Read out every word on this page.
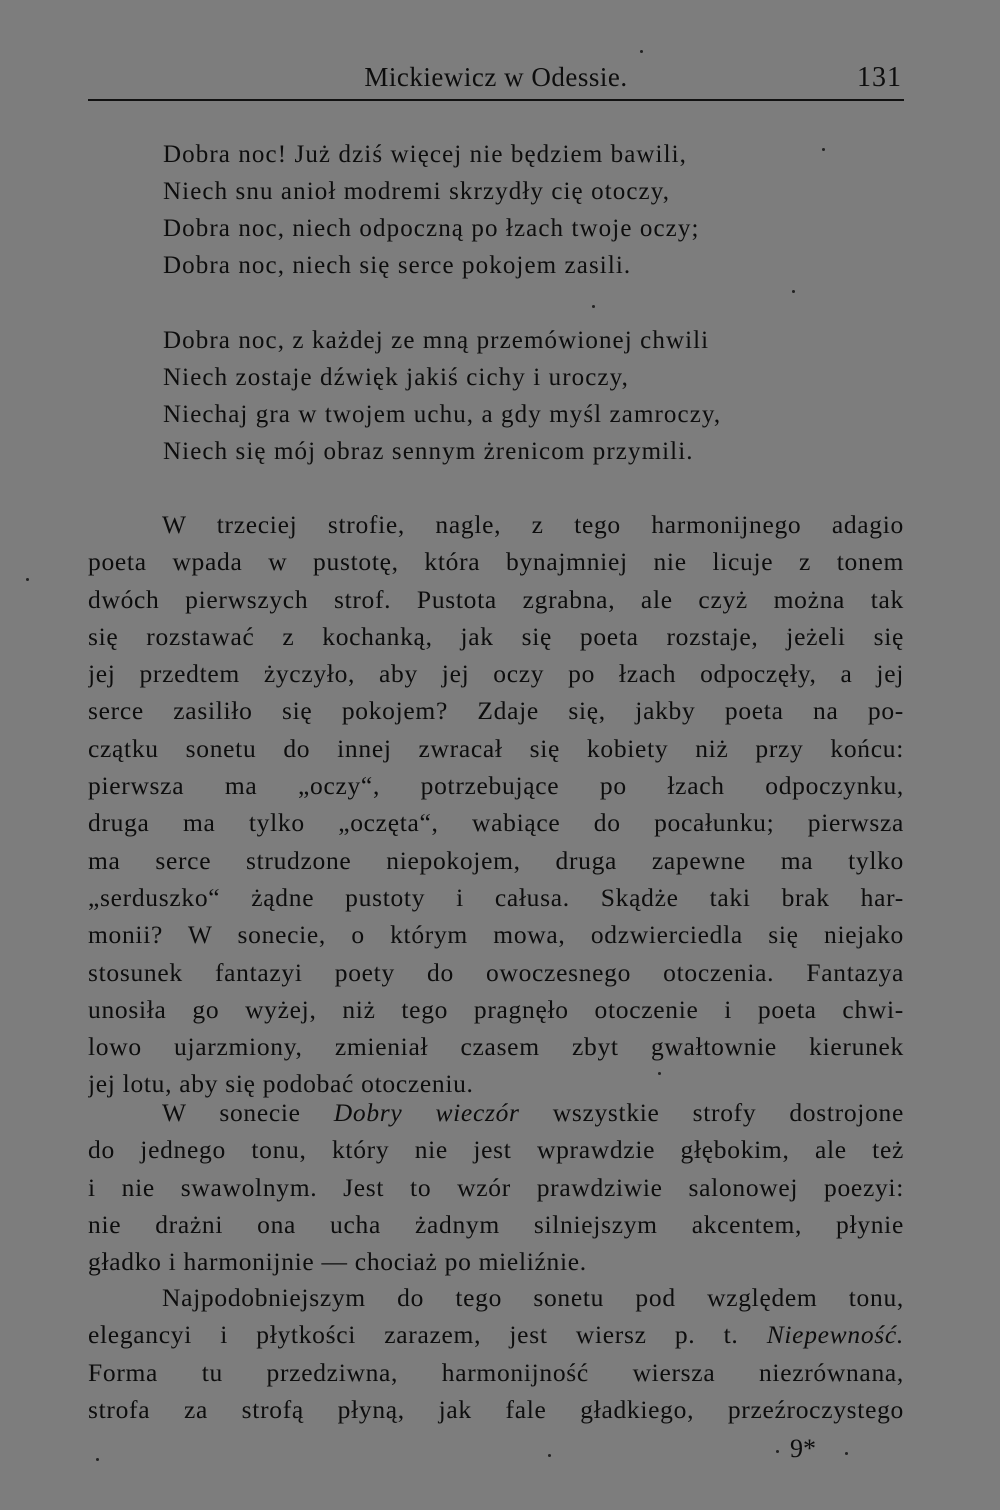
Mickiewicz w Odessie.	131
Dobra noc! Już dziś więcej nie będziem bawili,
Niech snu anioł modremi skrzydły cię otoczy,
Dobra noc, niech odpoczną po łzach twoje oczy;
Dobra noc, niech się serce pokojem zasili.
Dobra noc, z każdej ze mną przemówionej chwili
Niech zostaje dźwięk jakiś cichy i uroczy,
Niechaj gra w twojem uchu, a gdy myśl zamroczy,
Niech się mój obraz sennym żrenicom przymili.
W trzeciej strofie, nagle, z tego harmonijnego adagio
poeta wpada w pustotę, która bynajmniej nie licuje z tonem
dwóch pierwszych strof. Pustota zgrabna, ale czyż można tak
się rozstawać z kochanką, jak się poeta rozstaje, jeżeli się
jej przedtem życzyło, aby jej oczy po łzach odpoczęły, a jej
serce zasiliło się pokojem? Zdaje się, jakby poeta na po-
czątku sonetu do innej zwracał się kobiety niż przy końcu:
pierwsza ma „oczy“, potrzebujące po łzach odpoczynku,
druga ma tylko „oczęta“, wabiące do pocałunku; pierwsza
ma serce strudzone niepokojem, druga zapewne ma tylko
„serduszko“ żądne pustoty i całusa. Skądże taki brak har-
monii? W sonecie, o którym mowa, odzwierciedla się niejako
stosunek fantazyi poety do owoczesnego otoczenia. Fantazya
unosiła go wyżej, niż tego pragnęło otoczenie i poeta chwi-
lowo ujarzmiony, zmieniał czasem zbyt gwałtownie kierunek
jej lotu, aby się podobać otoczeniu.
W sonecie Dobry wieczór wszystkie strofy dostrojone
do jednego tonu, który nie jest wprawdzie głębokim, ale też
i nie swawolnym. Jest to wzór prawdziwie salonowej poezyi:
nie drażni ona ucha żadnym silniejszym akcentem, płynie
gładko i harmonijnie — chociaż po mieliźnie.
Najpodobniejszym do tego sonetu pod względem tonu,
elegancyi i płytkości zarazem, jest wiersz p. t. Niepewność.
Forma tu przedziwna, harmonijność wiersza niezrównana,
strofa za strofą płyną, jak fale gładkiego, przeźroczystego
9*
